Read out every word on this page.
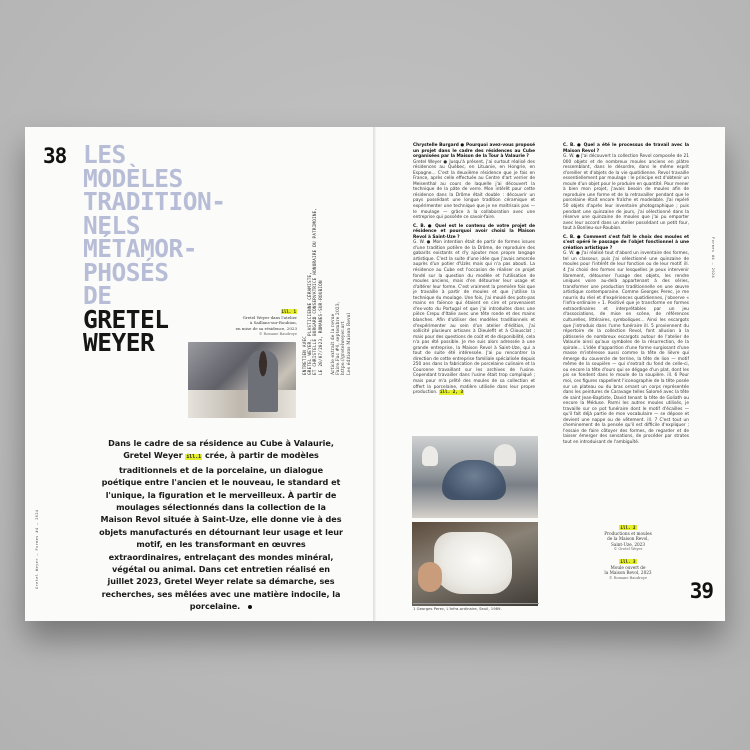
38 LES
MODÈLES
TRADITION-
NELS
MÉTAMOR-
PHOSÉS
DE
GRETEL
WEYER
ill. 1
Gretel Weyer dans l'atelier
à Saillans-sur-Roubion,
en mise de sa résidence, 2023
© Romane Baudroye
ENTRETIEN AVEC
GRETEL WEYER, PLASTICIENNE CÉRAMISTE,
ET CHRISTELLE BURGARD CONSERVATRICE HONORAIRE DU PATRIMOINE,
LE 20/07/2023, ROMANES-SUR-ROUBION Article extrait de la revue
Faire.Fac #4, septembre 2023,
https://gretelweyer.art
Les éditions Maison Revol
Gretel Weyer — Formes #4 — 2024
Dans le cadre de sa résidence au Cube à Valaurie, Gretel Weyer ill.1 crée, à partir de modèles traditionnels et de la porcelaine, un dialogue poétique entre l'ancien et le nouveau, le standard et l'unique, la figuration et le merveilleux. À partir de moulages sélectionnés dans la collection de la Maison Revol située à Saint-Uze, elle donne vie à des objets manufacturés en détournant leur usage et leur motif, en les transformant en œuvres extraordinaires, entrelaçant des mondes minéral, végétal ou animal. Dans cet entretien réalisé en juillet 2023, Gretel Weyer relate sa démarche, ses recherches, ses mêlées avec une matière indocile, la porcelaine.
Formes #4 — 2024

Chrystelle Burgard ● Pourquoi avez-vous proposé un projet dans le cadre des résidences au Cube organisées par la Maison de la Tour à Valaurie ?
Gretel Weyer ● Jusqu'à présent, j'ai surtout réalisé des résidences au Québec, en Lituanie, en Hongrie, en Espagne… C'est la deuxième résidence que je fais en France, après celle effectuée au Centre d'art verrier de Meisenthal au cours de laquelle j'ai découvert la technique de la pâte de verre. Mon intérêt pour cette résidence dans la Drôme était double : découvrir un pays possédant une longue tradition céramique et expérimenter une technique que je ne maîtrisais pas — le moulage — grâce à la collaboration avec une entreprise qui possède ce savoir-faire.

C. B. ● Quel est le contenu de votre projet de résidence et pourquoi avoir choisi la Maison Revol à Saint-Uze ?
G. W. ● Mon intention était de partir de formes issues d'une tradition potière de la Drôme, de reproduire des gabarits existants et d'y ajouter mon propre langage artistique. C'est la suite d'une idée que j'avais amorcée auprès d'un potier d'Uzès mais qui n'a pas abouti. La résidence au Cube est l'occasion de réaliser ce projet fondé sur la question du modèle et l'utilisation de moules anciens, mais d'en détourner leur usage et d'altérer leur forme. C'est vraiment la première fois que je travaille à partir de moules et que j'utilise la technique du moulage. Une fois, j'ai moulé des pots-pas mains en faïence qui étaient en cire et provenaient d'ex-voto du Portugal et que j'ai introduites dans une pièce Crepu d'Italie avec une tête ronde et des mains blanches. Afin d'utiliser des modèles traditionnels et d'expérimenter au sein d'un atelier d'édition, j'ai sollicité plusieurs artisans à Dieulefit et à Cliousclat ; mais pour des questions de coût et de disponibilité, cela n'a pas été possible. Je me suis alors adressée à une grande entreprise, la Maison Revol à Saint-Uze, qui a tout de suite été intéressée. J'ai pu rencontrer la direction de cette entreprise familiale spécialisée depuis 250 ans dans la fabrication de porcelaine culinaire et la Couronne travaillant sur les archives de l'usine. Cependant travailler dans l'usine était trop compliqué ; mais pour m'a prêté des moules de sa collection et offert la porcelaine, matière utilisée dans leur propre production. ill. 2, 3

C. B. ● Quel a été le processus de travail avec la Maison Revol ?
G. W. ● J'ai découvert la collection Revol composée de 21 000 objets et de nombreux moules anciens en plâtre ressemblant, dans le désordre, dans le même esprit d'oreiller et d'objets de la vie quotidienne. Revol travaille essentiellement par moulage : le principe est d'obtenir un moule d'un objet pour le produire en quantité. Pour mener à bien mon projet, j'avais besoin de moules afin de reproduire une forme et de la retravailler pendant que le porcelaine était encore fraîche et modelable. J'ai repéré 50 objets d'après leur inventaire photographique ; puis pendant une quinzaine de jours, j'ai sélectionné dans la réserve une quinzaine de moules que j'ai pu emporter avec leur accord dans un atelier possédant un petit four, tout à Bonlieu-sur-Roubion.

C. B. ● Comment s'est fait le choix des moules et s'est opéré le passage de l'objet fonctionnel à une création artistique ?
G. W. ● J'ai réalisé tout d'abord un inventaire des formes, tel un classeur, puis j'ai sélectionné une quinzaine de moules pour l'intérêt de leur fonction ou de leur motif. ill. 4 J'ai choisi des formes sur lesquelles je peux intervenir librement, détourner l'usage des objets, les rendre uniques voire au-delà appartenant à des séries, transformer une production traditionnelle en une œuvre artistique contemporaine. Comme Georges Perec, je me nourris du réel et d'expériences quotidiennes, j'observe « l'infra-ordinaire » 1. Positivé que je transforme en formes extraordinaires et interprétables par un jeu d'associations, de mise en scène, de références culturelles, littéraires, symboliques… Ainsi les escargots que j'introduis dans l'urne funéraire ill. 5 proviennent du répertoire de la collection Revol, font allusion à la pâtisserie de nombreux escargots autour de l'atelier de Valaurie ainsi qu'aux symboles de la résurrection, de la spirale… L'idée d'apparition d'une forme surgissant d'une masse m'intéresse aussi comme la tête de lièvre qui émerge du couvercle de terrine, la tête de lion — motif même de la soupière — qui s'extrait du fond de celle-ci, ou encore la tête d'ours qui se dégage d'un plat, dont les pis se fondent dans le moule de la soupière. ill. 6 Pour moi, ces figures rappellent l'iconographie de la tête posée sur un plateau ou du bras ornant un corps représentée dans les peintures de Caravage telles Salomé avec la tête de saint Jean-Baptiste, David tenant la tête de Goliath ou encore la Méduse. Parmi les autres moules utilisés, je travaille sur ce pot funéraire dont le motif d'écailles — qu'il fait déjà partie de mon vocabulaire — se dépose et devient une nappe ou de vêtement. ill. 7 C'est tout un cheminement de la pensée qu'il est difficile d'expliquer ; l'essaie de faire côtoyer des formes, de regarder et de laisser émerger des sensations, de procéder par strates tout en introduisant de l'ambiguïté.

ill. 2
Productions et moules
de la Maison Revol,
Saint-Uze, 2023

© Gretel Weyer
ill. 3
Moule ouvert de
la Maison Revol, 2023

© Romane Baudroye
1 Georges Perec, L'Infra-ordinaire, Seuil, 1989.
39
